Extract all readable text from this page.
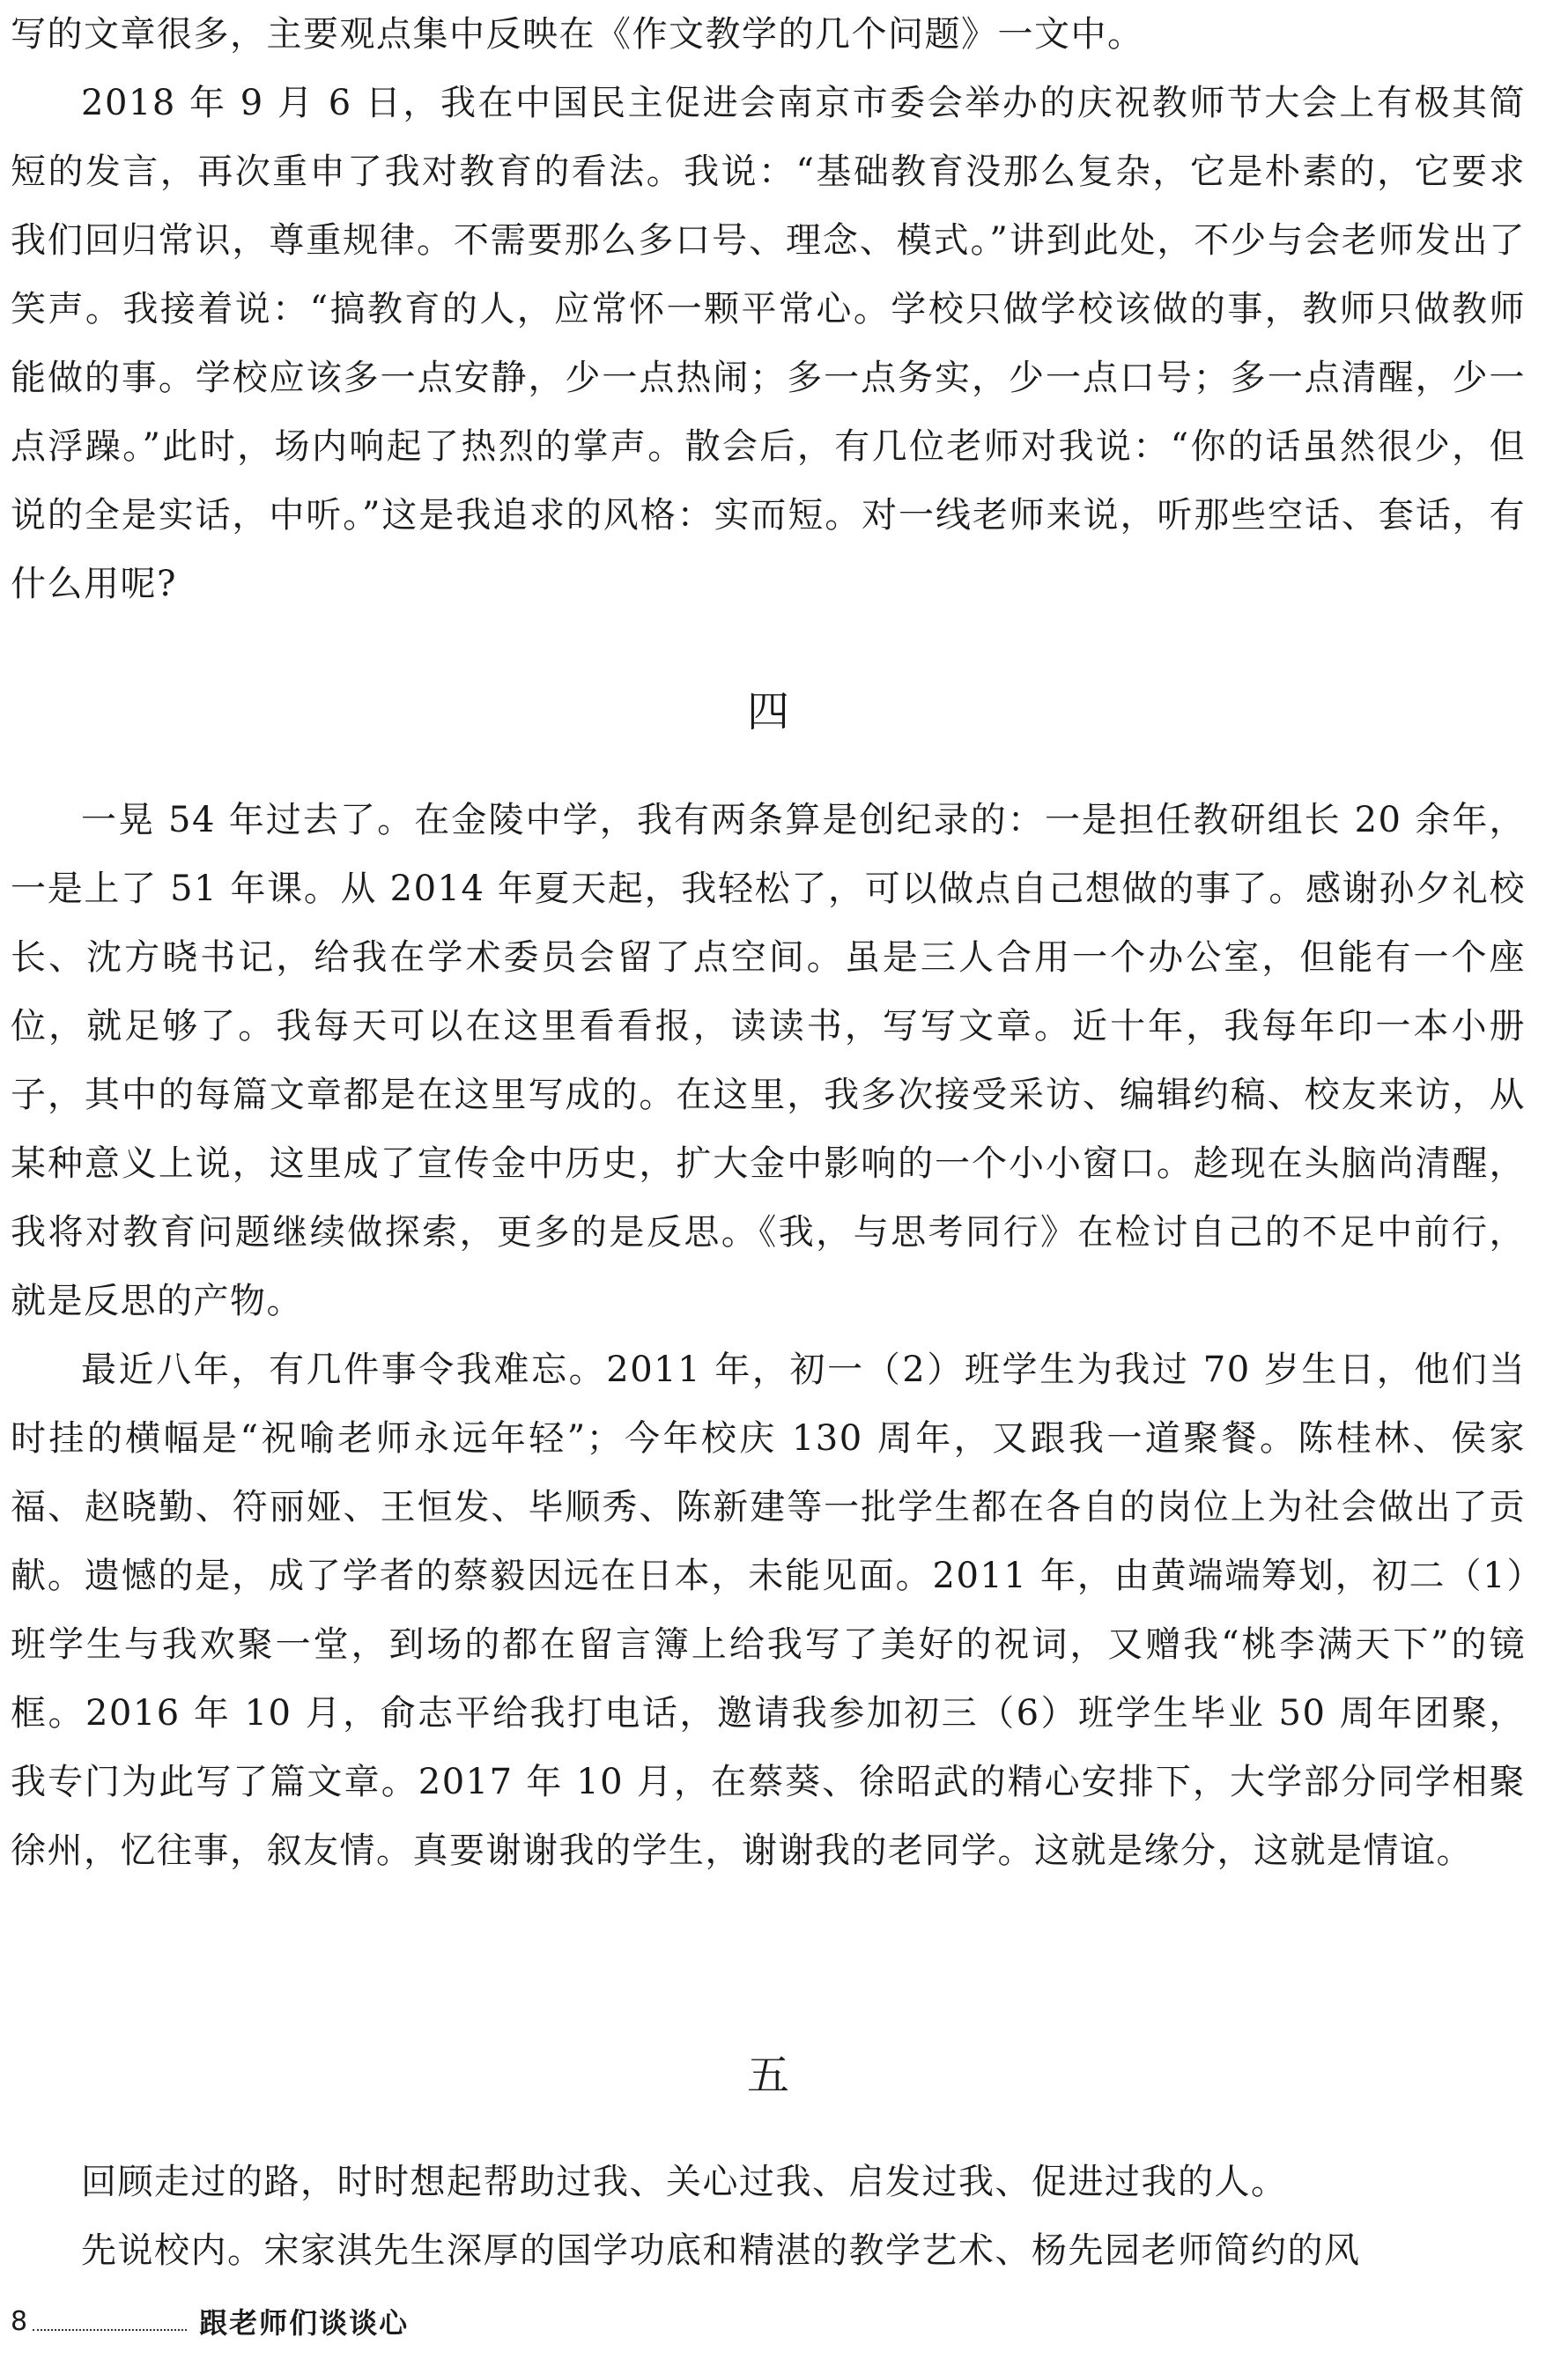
写的文章很多，主要观点集中反映在《作文教学的几个问题》一文中。

2018 年 9 月 6 日，我在中国民主促进会南京市委会举办的庆祝教师节大会上有极其简短的发言，再次重申了我对教育的看法。我说：“基础教育没那么复杂，它是朴素的，它要求我们回归常识，尊重规律。不需要那么多口号、理念、模式。”讲到此处，不少与会老师发出了笑声。我接着说：“搞教育的人，应常怀一颗平常心。学校只做学校该做的事，教师只做教师能做的事。学校应该多一点安静，少一点热闹；多一点务实，少一点口号；多一点清醒，少一点浮躁。”此时，场内响起了热烈的掌声。散会后，有几位老师对我说：“你的话虽然很少，但说的全是实话，中听。”这是我追求的风格：实而短。对一线老师来说，听那些空话、套话，有什么用呢?

四

一晃 54 年过去了。在金陵中学，我有两条算是创纪录的：一是担任教研组长 20 余年，一是上了 51 年课。从 2014 年夏天起，我轻松了，可以做点自己想做的事了。感谢孙夕礼校长、沈方晓书记，给我在学术委员会留了点空间。虽是三人合用一个办公室，但能有一个座位，就足够了。我每天可以在这里看看报，读读书，写写文章。近十年，我每年印一本小册子，其中的每篇文章都是在这里写成的。在这里，我多次接受采访、编辑约稿、校友来访，从某种意义上说，这里成了宣传金中历史，扩大金中影响的一个小小窗口。趁现在头脑尚清醒，我将对教育问题继续做探索，更多的是反思。《我，与思考同行》在检讨自己的不足中前行，就是反思的产物。

最近八年，有几件事令我难忘。2011 年，初一（2）班学生为我过 70 岁生日，他们当时挂的横幅是“祝喻老师永远年轻”；今年校庆 130 周年，又跟我一道聚餐。陈桂林、侯家福、赵晓勤、符丽娅、王恒发、毕顺秀、陈新建等一批学生都在各自的岗位上为社会做出了贡献。遗憾的是，成了学者的蔡毅因远在日本，未能见面。2011 年，由黄端端筹划，初二（1）班学生与我欢聚一堂，到场的都在留言簿上给我写了美好的祝词，又赠我“桃李满天下”的镜框。2016 年 10 月，俞志平给我打电话，邀请我参加初三（6）班学生毕业 50 周年团聚，我专门为此写了篇文章。2017 年 10 月，在蔡葵、徐昭武的精心安排下，大学部分同学相聚徐州，忆往事，叙友情。真要谢谢我的学生，谢谢我的老同学。这就是缘分，这就是情谊。

五

回顾走过的路，时时想起帮助过我、关心过我、启发过我、促进过我的人。

先说校内。宋家淇先生深厚的国学功底和精湛的教学艺术、杨先园老师简约的风

8	跟老师们谈谈心
